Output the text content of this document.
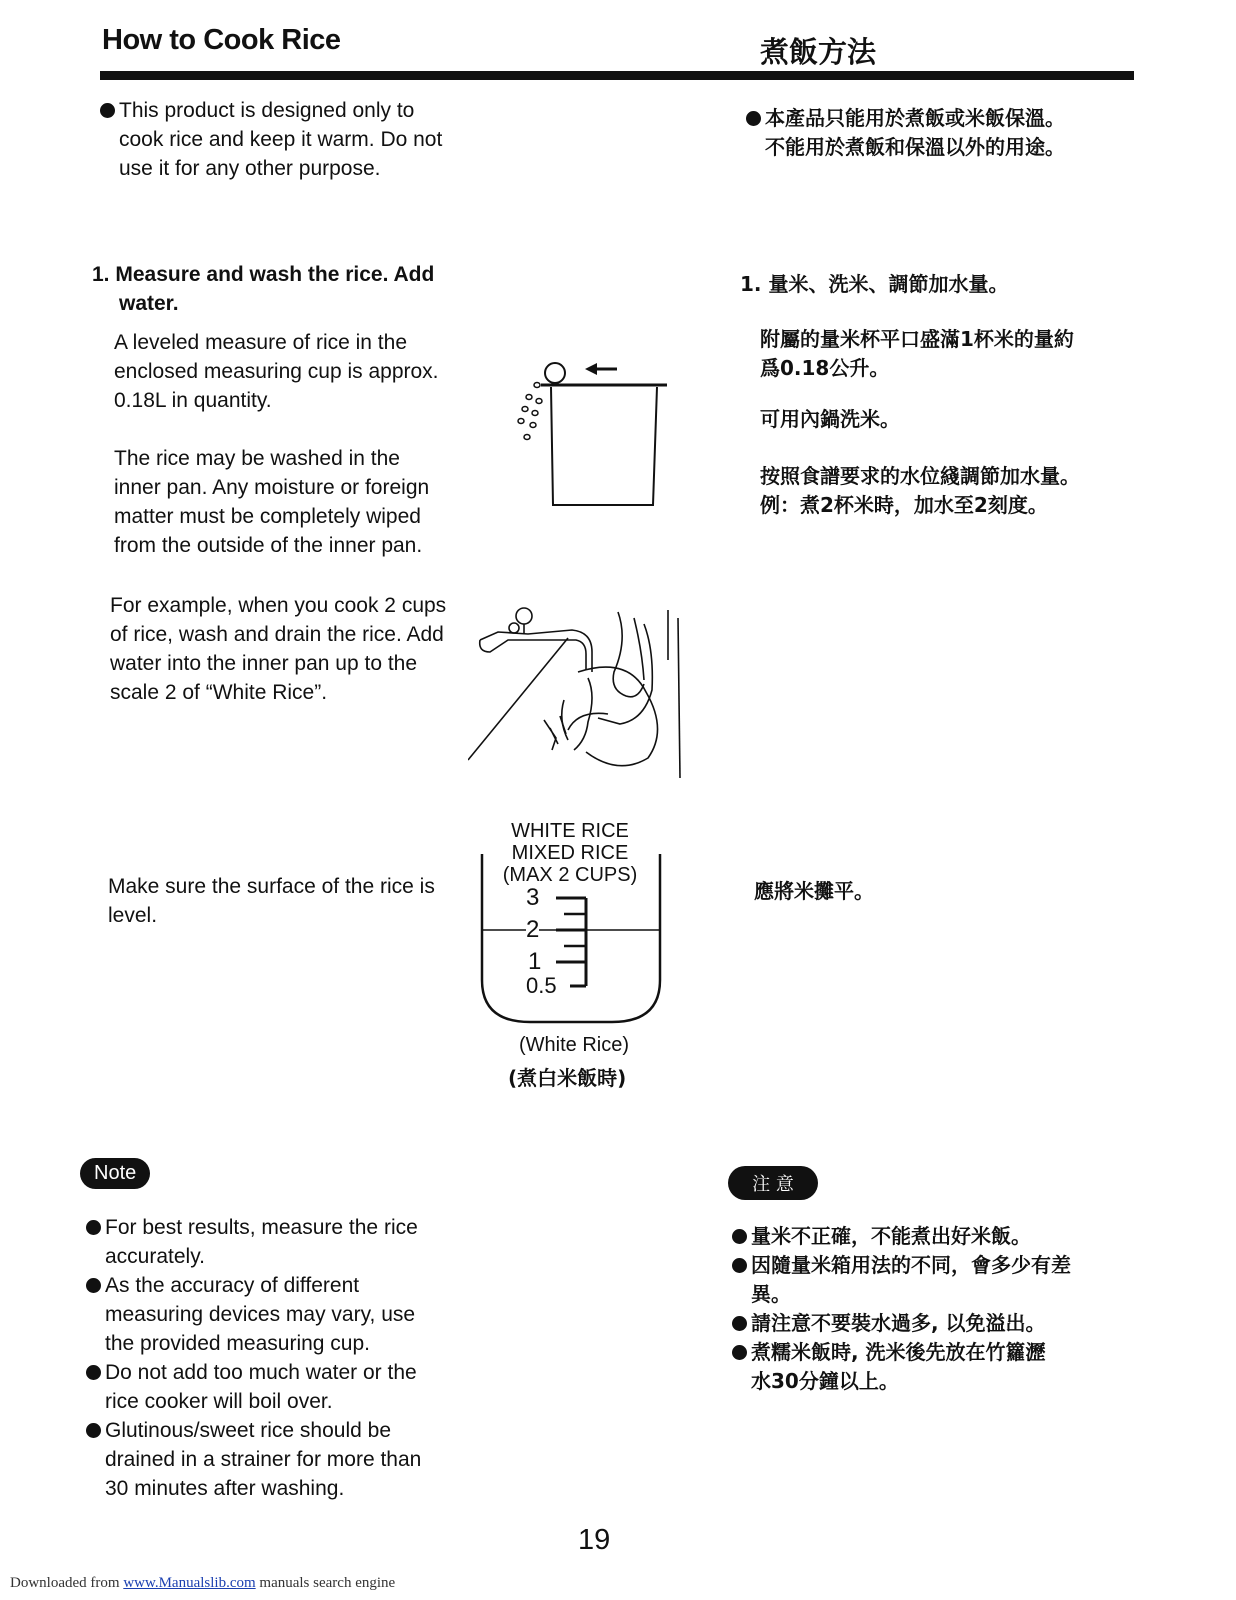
How to Cook Rice	煮飯方法
This product is designed only to
cook rice and keep it warm. Do not
use it for any other purpose.
本產品只能用於煮飯或米飯保溫。
不能用於煮飯和保溫以外的用途。
1. Measure and wash the rice. Add
water.
1. 量米、洗米、調節加水量。
A leveled measure of rice in the
enclosed measuring cup is approx.
0.18L in quantity.
The rice may be washed in the
inner pan. Any moisture or foreign
matter must be completely wiped
from the outside of the inner pan.
For example, when you cook 2 cups
of rice, wash and drain the rice. Add
water into the inner pan up to the
scale 2 of “White Rice”.
附屬的量米杯平口盛滿1杯米的量約
爲0.18公升。
可用內鍋洗米。
按照食譜要求的水位綫調節加水量。
例：煮2杯米時，加水至2刻度。
Make sure the surface of the rice is
level.
應將米攤平。
WHITE RICE
MIXED RICE
(MAX 2 CUPS)
3
2
1
0.5
(White Rice)
(煮白米飯時)
Note
注 意
For best results, measure the rice
accurately.
As the accuracy of different
measuring devices may vary, use
the provided measuring cup.
Do not add too much water or the
rice cooker will boil over.
Glutinous/sweet rice should be
drained in a strainer for more than
30 minutes after washing.
量米不正確，不能煮出好米飯。
因隨量米箱用法的不同，會多少有差
異。
請注意不要裝水過多, 以免溢出。
煮糯米飯時, 洗米後先放在竹籮瀝
水30分鐘以上。
19
Downloaded from www.Manualslib.com manuals search engine
